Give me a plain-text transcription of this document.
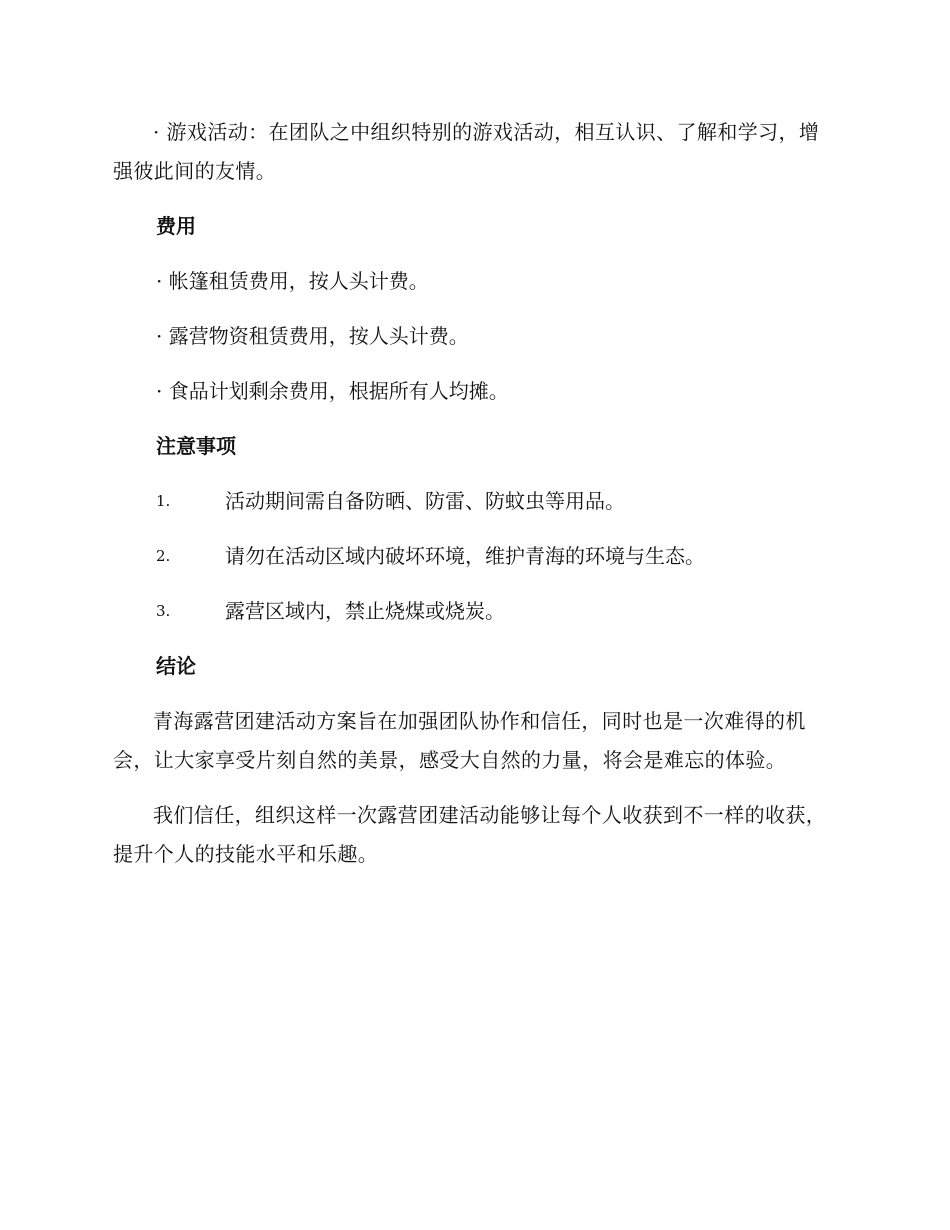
· 游戏活动：在团队之中组织特别的游戏活动，相互认识、了解和学习，增强彼此间的友情。

费用

· 帐篷租赁费用，按人头计费。

· 露营物资租赁费用，按人头计费。

· 食品计划剩余费用，根据所有人均摊。

注意事项
1.	活动期间需自备防晒、防雷、防蚊虫等用品。
2.	请勿在活动区域内破坏环境，维护青海的环境与生态。
3.	露营区域内，禁止烧煤或烧炭。
结论

青海露营团建活动方案旨在加强团队协作和信任，同时也是一次难得的机会，让大家享受片刻自然的美景，感受大自然的力量，将会是难忘的体验。

我们信任，组织这样一次露营团建活动能够让每个人收获到不一样的收获，提升个人的技能水平和乐趣。
